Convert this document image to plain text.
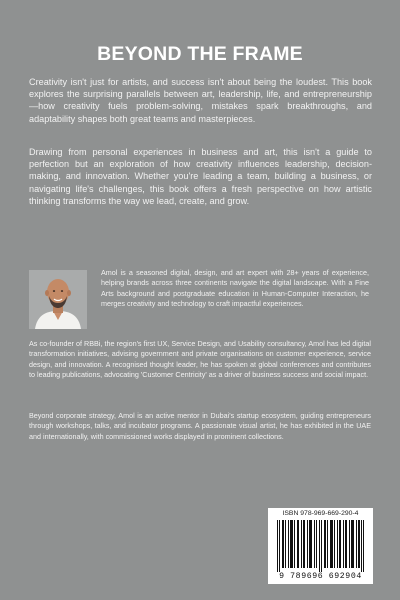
BEYOND THE FRAME

Creativity isn't just for artists, and success isn't about being the loudest. This book explores the surprising parallels between art, leadership, life, and entrepreneurship—how creativity fuels problem-solving, mistakes spark breakthroughs, and adaptability shapes both great teams and masterpieces.

Drawing from personal experiences in business and art, this isn't a guide to perfection but an exploration of how creativity influences leadership, decision-making, and innovation. Whether you're leading a team, building a business, or navigating life's challenges, this book offers a fresh perspective on how artistic thinking transforms the way we lead, create, and grow.

Amol is a seasoned digital, design, and art expert with 28+ years of experience, helping brands across three continents navigate the digital landscape. With a Fine Arts background and postgraduate education in Human-Computer Interaction, he merges creativity and technology to craft impactful experiences.

As co-founder of RBBi, the region's first UX, Service Design, and Usability consultancy, Amol has led digital transformation initiatives, advising government and private organisations on customer experience, service design, and innovation. A recognised thought leader, he has spoken at global conferences and contributes to leading publications, advocating 'Customer Centricity' as a driver of business success and social impact.

Beyond corporate strategy, Amol is an active mentor in Dubai's startup ecosystem, guiding entrepreneurs through workshops, talks, and incubator programs. A passionate visual artist, he has exhibited in the UAE and internationally, with commissioned works displayed in prominent collections.

ISBN 978-969-669-290-4
9 789696 692904
